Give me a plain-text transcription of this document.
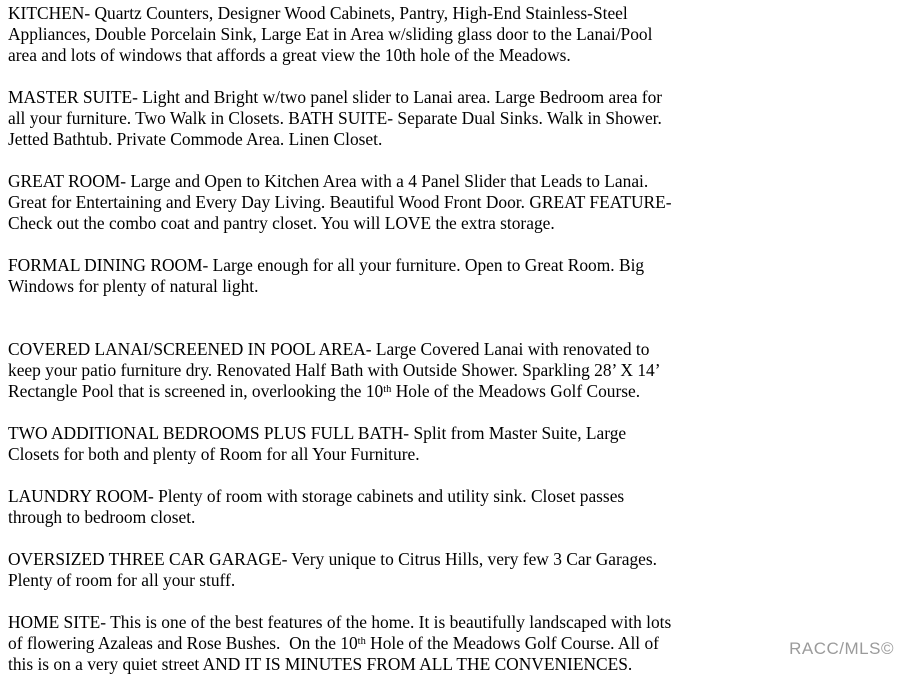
KITCHEN- Quartz Counters, Designer Wood Cabinets, Pantry, High-End Stainless-Steel
Appliances, Double Porcelain Sink, Large Eat in Area w/sliding glass door to the Lanai/Pool
area and lots of windows that affords a great view the 10th hole of the Meadows.
MASTER SUITE- Light and Bright w/two panel slider to Lanai area. Large Bedroom area for
all your furniture. Two Walk in Closets. BATH SUITE- Separate Dual Sinks. Walk in Shower.
Jetted Bathtub. Private Commode Area. Linen Closet.
GREAT ROOM- Large and Open to Kitchen Area with a 4 Panel Slider that Leads to Lanai.
Great for Entertaining and Every Day Living. Beautiful Wood Front Door. GREAT FEATURE-
Check out the combo coat and pantry closet. You will LOVE the extra storage.
FORMAL DINING ROOM- Large enough for all your furniture. Open to Great Room. Big
Windows for plenty of natural light.
COVERED LANAI/SCREENED IN POOL AREA- Large Covered Lanai with renovated to
keep your patio furniture dry. Renovated Half Bath with Outside Shower. Sparkling 28’ X 14’
Rectangle Pool that is screened in, overlooking the 10th Hole of the Meadows Golf Course.
TWO ADDITIONAL BEDROOMS PLUS FULL BATH- Split from Master Suite, Large
Closets for both and plenty of Room for all Your Furniture.
LAUNDRY ROOM- Plenty of room with storage cabinets and utility sink. Closet passes
through to bedroom closet.
OVERSIZED THREE CAR GARAGE- Very unique to Citrus Hills, very few 3 Car Garages.
Plenty of room for all your stuff.
HOME SITE- This is one of the best features of the home. It is beautifully landscaped with lots
of flowering Azaleas and Rose Bushes.  On the 10th Hole of the Meadows Golf Course. All of
this is on a very quiet street AND IT IS MINUTES FROM ALL THE CONVENIENCES.
RACC/MLS©
